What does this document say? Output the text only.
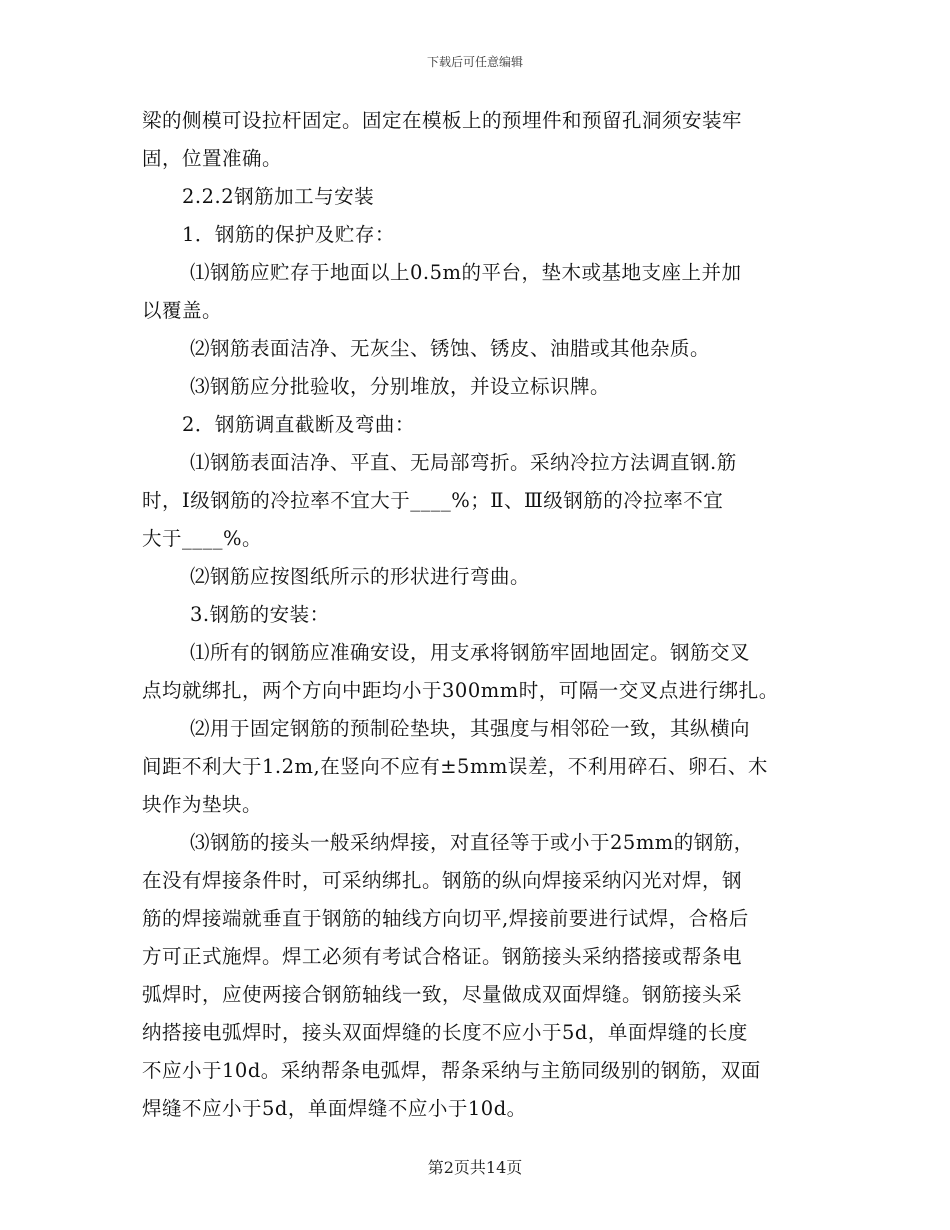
下载后可任意编辑
梁的侧模可设拉杆固定。固定在模板上的预埋件和预留孔洞须安装牢
固，位置准确。
2.2.2钢筋加工与安装
1．钢筋的保护及贮存：
⑴钢筋应贮存于地面以上0.5m的平台，垫木或基地支座上并加
以覆盖。
⑵钢筋表面洁净、无灰尘、锈蚀、锈皮、油腊或其他杂质。
⑶钢筋应分批验收，分别堆放，并设立标识牌。
2．钢筋调直截断及弯曲：
⑴钢筋表面洁净、平直、无局部弯折。采纳冷拉方法调直钢.筋
时，Ⅰ级钢筋的冷拉率不宜大于____%；Ⅱ、Ⅲ级钢筋的冷拉率不宜
大于____%。
⑵钢筋应按图纸所示的形状进行弯曲。
3.钢筋的安装：
⑴所有的钢筋应准确安设，用支承将钢筋牢固地固定。钢筋交叉
点均就绑扎，两个方向中距均小于300mm时，可隔一交叉点进行绑扎。
⑵用于固定钢筋的预制砼垫块，其强度与相邻砼一致，其纵横向
间距不利大于1.2m,在竖向不应有±5mm误差，不利用碎石、卵石、木
块作为垫块。
⑶钢筋的接头一般采纳焊接，对直径等于或小于25mm的钢筋，
在没有焊接条件时，可采纳绑扎。钢筋的纵向焊接采纳闪光对焊，钢
筋的焊接端就垂直于钢筋的轴线方向切平,焊接前要进行试焊，合格后
方可正式施焊。焊工必须有考试合格证。钢筋接头采纳搭接或帮条电
弧焊时，应使两接合钢筋轴线一致，尽量做成双面焊缝。钢筋接头采
纳搭接电弧焊时，接头双面焊缝的长度不应小于5d，单面焊缝的长度
不应小于10d。采纳帮条电弧焊，帮条采纳与主筋同级别的钢筋，双面
焊缝不应小于5d，单面焊缝不应小于10d。
第2页共14页
